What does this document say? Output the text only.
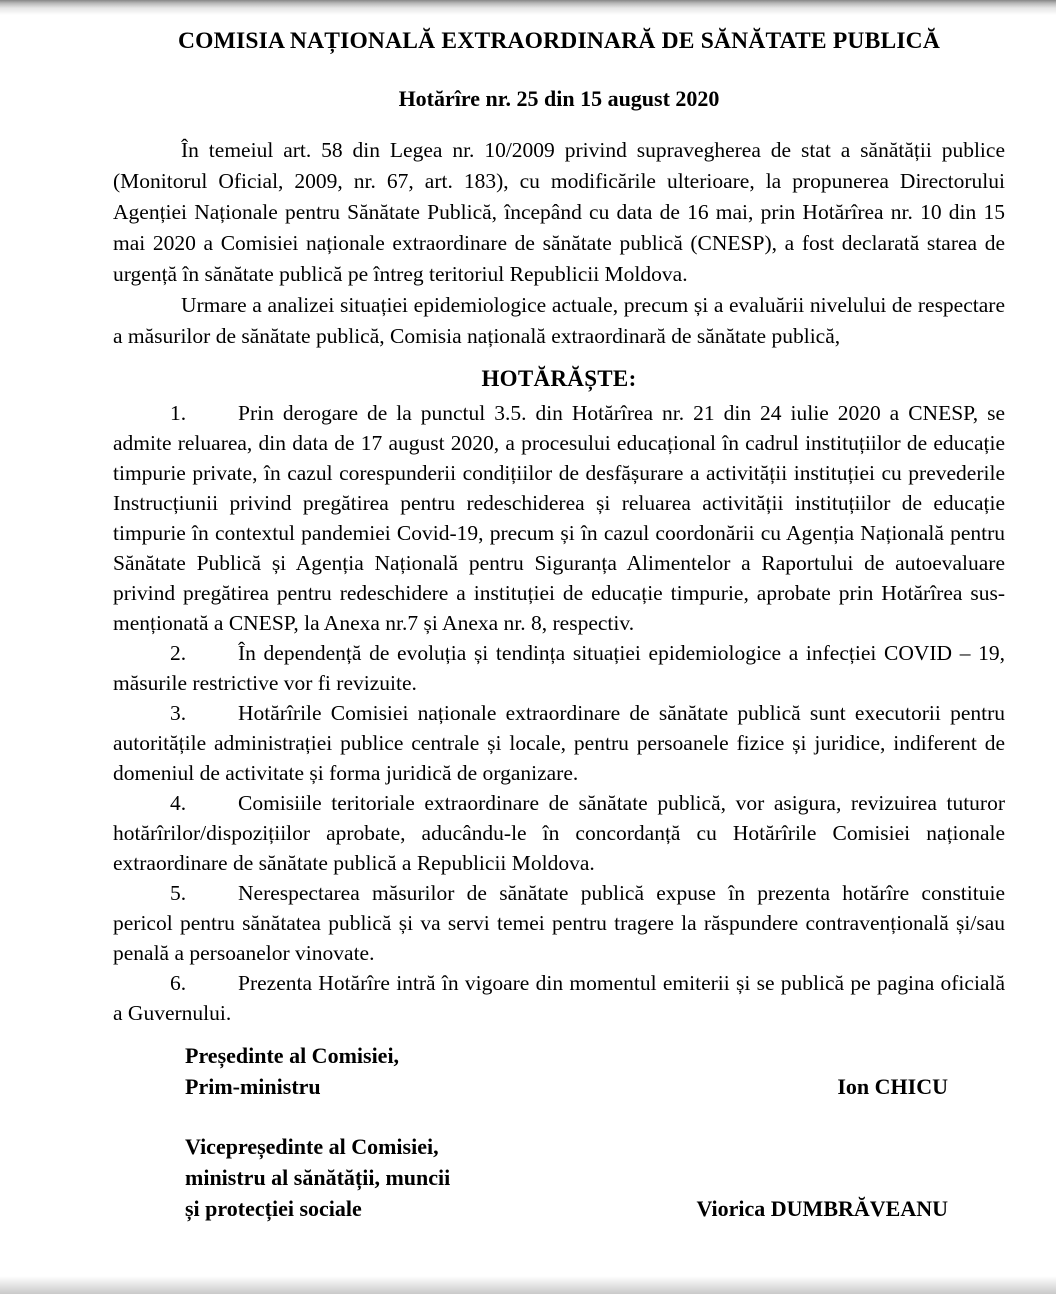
COMISIA NAȚIONALĂ EXTRAORDINARĂ DE SĂNĂTATE PUBLICĂ
Hotărîre nr. 25 din 15 august 2020

În temeiul art. 58 din Legea nr. 10/2009 privind supravegherea de stat a sănătății publice (Monitorul Oficial, 2009, nr. 67, art. 183), cu modificările ulterioare, la propunerea Directorului Agenției Naționale pentru Sănătate Publică, începând cu data de 16 mai, prin Hotărîrea nr. 10 din 15 mai 2020 a Comisiei naționale extraordinare de sănătate publică (CNESP), a fost declarată starea de urgență în sănătate publică pe întreg teritoriul Republicii Moldova.

Urmare a analizei situației epidemiologice actuale, precum și a evaluării nivelului de respectare a măsurilor de sănătate publică, Comisia națională extraordinară de sănătate publică,

HOTĂRĂȘTE:

1. Prin derogare de la punctul 3.5. din Hotărîrea nr. 21 din 24 iulie 2020 a CNESP, se admite reluarea, din data de 17 august 2020, a procesului educațional în cadrul instituțiilor de educație timpurie private, în cazul corespunderii condițiilor de desfășurare a activității instituției cu prevederile Instrucțiunii privind pregătirea pentru redeschiderea și reluarea activității instituțiilor de educație timpurie în contextul pandemiei Covid-19, precum și în cazul coordonării cu Agenția Națională pentru Sănătate Publică și Agenția Națională pentru Siguranța Alimentelor a Raportului de autoevaluare privind pregătirea pentru redeschidere a instituției de educație timpurie, aprobate prin Hotărîrea sus-menționată a CNESP, la Anexa nr.7 și Anexa nr. 8, respectiv.

2. În dependență de evoluția și tendința situației epidemiologice a infecției COVID – 19, măsurile restrictive vor fi revizuite.

3. Hotărîrile Comisiei naționale extraordinare de sănătate publică sunt executorii pentru autoritățile administrației publice centrale și locale, pentru persoanele fizice și juridice, indiferent de domeniul de activitate și forma juridică de organizare.

4. Comisiile teritoriale extraordinare de sănătate publică, vor asigura, revizuirea tuturor hotărîrilor/dispozițiilor aprobate, aducându-le în concordanță cu Hotărîrile Comisiei naționale extraordinare de sănătate publică a Republicii Moldova.

5. Nerespectarea măsurilor de sănătate publică expuse în prezenta hotărîre constituie pericol pentru sănătatea publică și va servi temei pentru tragere la răspundere contravențională și/sau penală a persoanelor vinovate.

6. Prezenta Hotărîre intră în vigoare din momentul emiterii și se publică pe pagina oficială a Guvernului.

Președinte al Comisiei,
Prim-ministru	Ion CHICU
Vicepreședinte al Comisiei,
ministru al sănătății, muncii
și protecției sociale	Viorica DUMBRĂVEANU
